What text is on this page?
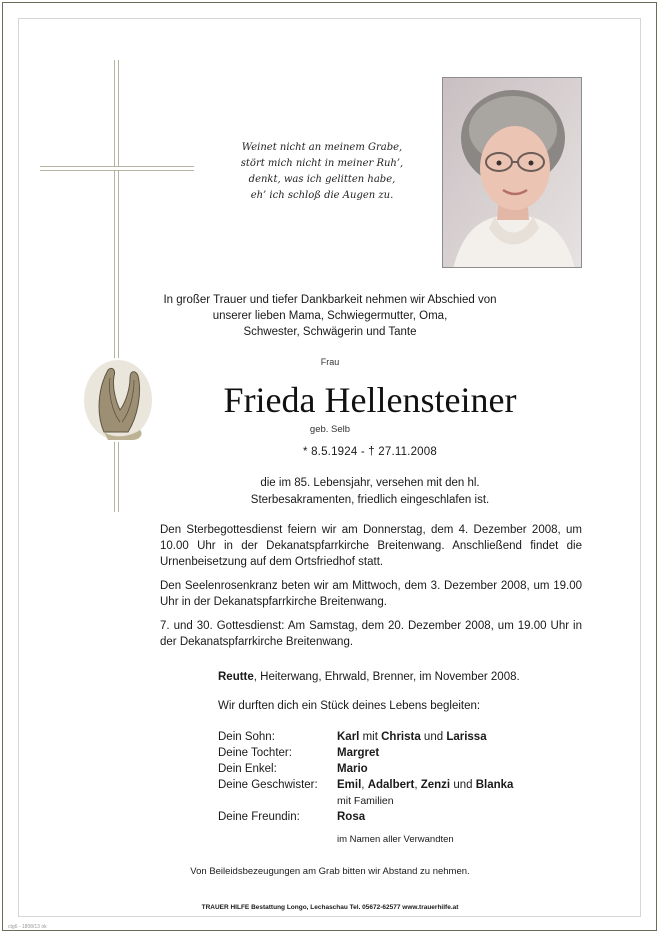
Weinet nicht an meinem Grabe,
stört mich nicht in meiner Ruh’,
denkt, was ich gelitten habe,
eh’ ich schloß die Augen zu.
In großer Trauer und tiefer Dankbarkeit nehmen wir Abschied von
unserer lieben Mama, Schwiegermutter, Oma,
Schwester, Schwägerin und Tante
Frau
Frieda Hellensteiner
geb. Selb
* 8.5.1924 - † 27.11.2008
die im 85. Lebensjahr, versehen mit den hl.
Sterbesakramenten, friedlich eingeschlafen ist.
Den Sterbegottesdienst feiern wir am Donnerstag, dem 4. Dezember 2008, um 10.00 Uhr in der Dekanatspfarrkirche Breitenwang. Anschließend findet die Urnenbeisetzung auf dem Ortsfriedhof statt.
Den Seelenrosenkranz beten wir am Mittwoch, dem 3. Dezember 2008, um 19.00 Uhr in der Dekanatspfarrkirche Breitenwang.
7. und 30. Gottesdienst: Am Samstag, dem 20. Dezember 2008, um 19.00 Uhr in der Dekanatspfarrkirche Breitenwang.
Reutte, Heiterwang, Ehrwald, Brenner, im November 2008.
Wir durften dich ein Stück deines Lebens begleiten:
Dein Sohn:	Karl mit Christa und Larissa
Deine Tochter:	Margret
Dein Enkel:	Mario
Deine Geschwister: Emil, Adalbert, Zenzi und Blanka
mit Familien
Deine Freundin:	Rosa
im Namen aller Verwandten
Von Beileidsbezeugungen am Grab bitten wir Abstand zu nehmen.
TRAUER HILFE Bestattung Longo, Lechaschau Tel. 05672-62577 www.trauerhilfe.at
ctg6 - 1808/13 ok
